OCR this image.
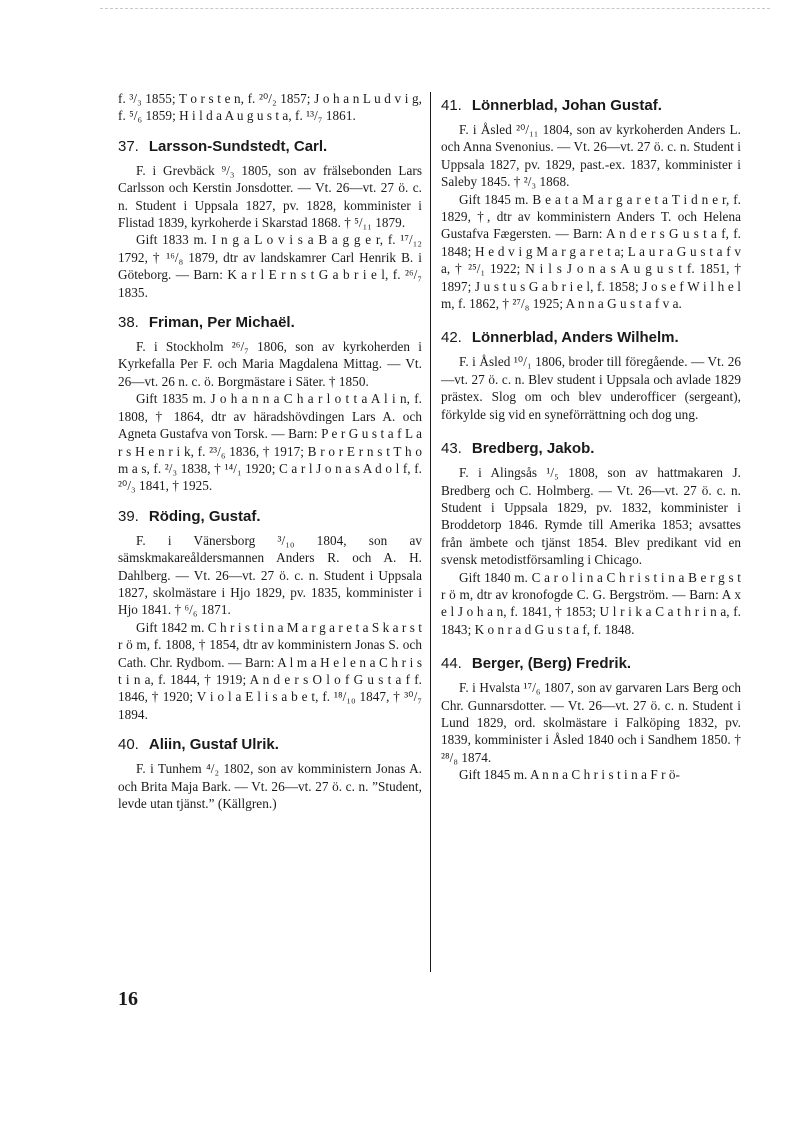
f. ³/₃ 1855; T o r s t e n, f. ²⁰/₂ 1857; J o h a n L u d v i g, f. ⁵/₆ 1859; H i l d a A u g u s t a, f. ¹³/₇ 1861.

37. Larsson-Sundstedt, Carl.

F. i Grevbäck ⁹/₃ 1805, son av frälsebonden Lars Carlsson och Kerstin Jonsdotter. — Vt. 26—vt. 27 ö. c. n. Student i Uppsala 1827, pv. 1828, komminister i Flistad 1839, kyrkoherde i Skarstad 1868. † ⁵/₁₁ 1879.

Gift 1833 m. I n g a L o v i s a B a g g e r, f. ¹⁷/₁₂ 1792, † ¹⁶/₈ 1879, dtr av landskamrer Carl Henrik B. i Göteborg. — Barn: K a r l E r n s t G a b r i e l, f. ²⁶/₇ 1835.

38. Friman, Per Michaël.

F. i Stockholm ²⁶/₇ 1806, son av kyrkoherden i Kyrkefalla Per F. och Maria Magdalena Mittag. — Vt. 26—vt. 26 n. c. ö. Borgmästare i Säter. † 1850.

Gift 1835 m. J o h a n n a C h a r l o t t a A l i n, f. 1808, † 1864, dtr av häradshövdingen Lars A. och Agneta Gustafva von Torsk. — Barn: P e r G u s t a f L a r s H e n r i k, f. ²³/₆ 1836, † 1917; B r o r E r n s t T h o m a s, f. ²/₃ 1838, † ¹⁴/₁ 1920; C a r l J o n a s A d o l f, f. ²⁰/₃ 1841, † 1925.

39. Röding, Gustaf.

F. i Vänersborg ³/₁₀ 1804, son av sämskmakareåldersmannen Anders R. och A. H. Dahlberg. — Vt. 26—vt. 27 ö. c. n. Student i Uppsala 1827, skolmästare i Hjo 1829, pv. 1835, komminister i Hjo 1841. † ⁶/₆ 1871.

Gift 1842 m. C h r i s t i n a M a r g a r e t a S k a r s t r ö m, f. 1808, † 1854, dtr av komministern Jonas S. och Cath. Chr. Rydbom. — Barn: A l m a H e l e n a C h r i s t i n a, f. 1844, † 1919; A n d e r s O l o f G u s t a f f. 1846, † 1920; V i o l a E l i s a b e t, f. ¹⁸/₁₀ 1847, † ³⁰/₇ 1894.

40. Aliin, Gustaf Ulrik.

F. i Tunhem ⁴/₂ 1802, son av komministern Jonas A. och Brita Maja Bark. — Vt. 26—vt. 27 ö. c. n. ”Student, levde utan tjänst.” (Källgren.)

41. Lönnerblad, Johan Gustaf.

F. i Åsled ²⁰/₁₁ 1804, son av kyrkoherden Anders L. och Anna Svenonius. — Vt. 26—vt. 27 ö. c. n. Student i Uppsala 1827, pv. 1829, past.-ex. 1837, komminister i Saleby 1845. † ²/₃ 1868.

Gift 1845 m. B e a t a M a r g a r e t a T i d n e r, f. 1829, †, dtr av komministern Anders T. och Helena Gustafva Fægersten. — Barn: A n d e r s G u s t a f, f. 1848; H e d v i g M a r g a r e t a; L a u r a G u s t a f v a, † ²⁵/₁ 1922; N i l s J o n a s A u g u s t f. 1851, † 1897; J u s t u s G a b r i e l, f. 1858; J o s e f W i l h e l m, f. 1862, † ²⁷/₈ 1925; A n n a G u s t a f v a.

42. Lönnerblad, Anders Wilhelm.

F. i Åsled ¹⁰/₁ 1806, broder till föregående. — Vt. 26—vt. 27 ö. c. n. Blev student i Uppsala och avlade 1829 prästex. Slog om och blev underofficer (sergeant), förkylde sig vid en syneförrättning och dog ung.

43. Bredberg, Jakob.

F. i Alingsås ¹/₅ 1808, son av hattmakaren J. Bredberg och C. Holmberg. — Vt. 26—vt. 27 ö. c. n. Student i Uppsala 1829, pv. 1832, komminister i Broddetorp 1846. Rymde till Amerika 1853; avsattes från ämbete och tjänst 1854. Blev predikant vid en svensk metodistförsamling i Chicago.

Gift 1840 m. C a r o l i n a C h r i s t i n a B e r g s t r ö m, dtr av kronofogde C. G. Bergström. — Barn: A x e l J o h a n, f. 1841, † 1853; U l r i k a C a t h r i n a, f. 1843; K o n r a d G u s t a f, f. 1848.

44. Berger, (Berg) Fredrik.

F. i Hvalsta ¹⁷/₆ 1807, son av garvaren Lars Berg och Chr. Gunnarsdotter. — Vt. 26—vt. 27 ö. c. n. Student i Lund 1829, ord. skolmästare i Falköping 1832, pv. 1839, komminister i Åsled 1840 och i Sandhem 1850. † ²⁸/₈ 1874.

Gift 1845 m. A n n a C h r i s t i n a F r ö-

16
